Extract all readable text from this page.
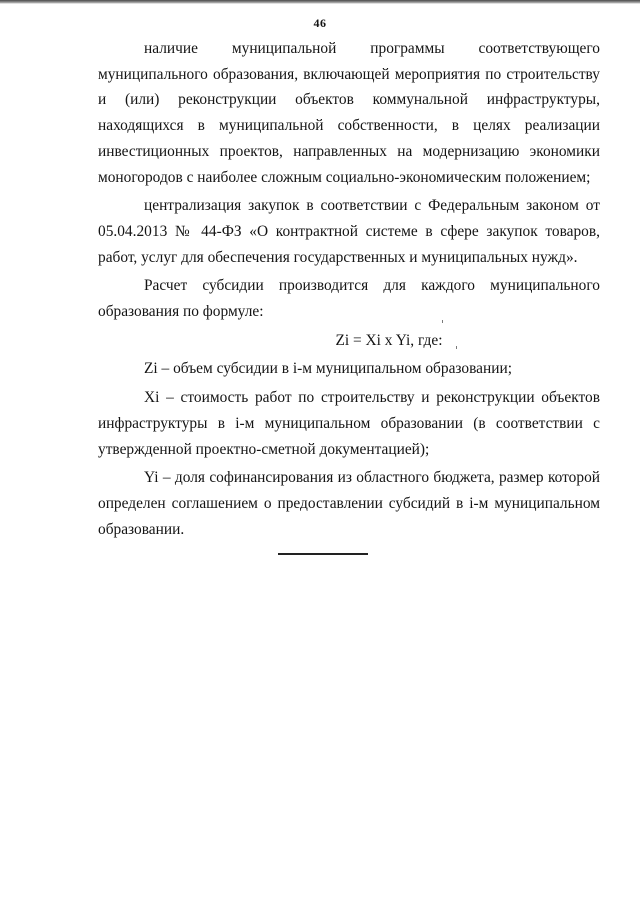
46

наличие муниципальной программы соответствующего муниципального образования, включающей мероприятия по строительству и (или) реконструкции объектов коммунальной инфраструктуры, находящихся в муниципальной собственности, в целях реализации инвестиционных проектов, направленных на модернизацию экономики моногородов с наиболее сложным социально-экономическим положением;

централизация закупок в соответствии с Федеральным законом от 05.04.2013 № 44-ФЗ «О контрактной системе в сфере закупок товаров, работ, услуг для обеспечения государственных и муниципальных нужд».

Расчет субсидии производится для каждого муниципального образования по формуле:

Zi = Xi x Yi, где:

Zi – объем субсидии в i-м муниципальном образовании;

Xi – стоимость работ по строительству и реконструкции объектов инфраструктуры в i-м муниципальном образовании (в соответствии с утвержденной проектно-сметной документацией);

Yi – доля софинансирования из областного бюджета, размер которой определен соглашением о предоставлении субсидий в i-м муниципальном образовании.
